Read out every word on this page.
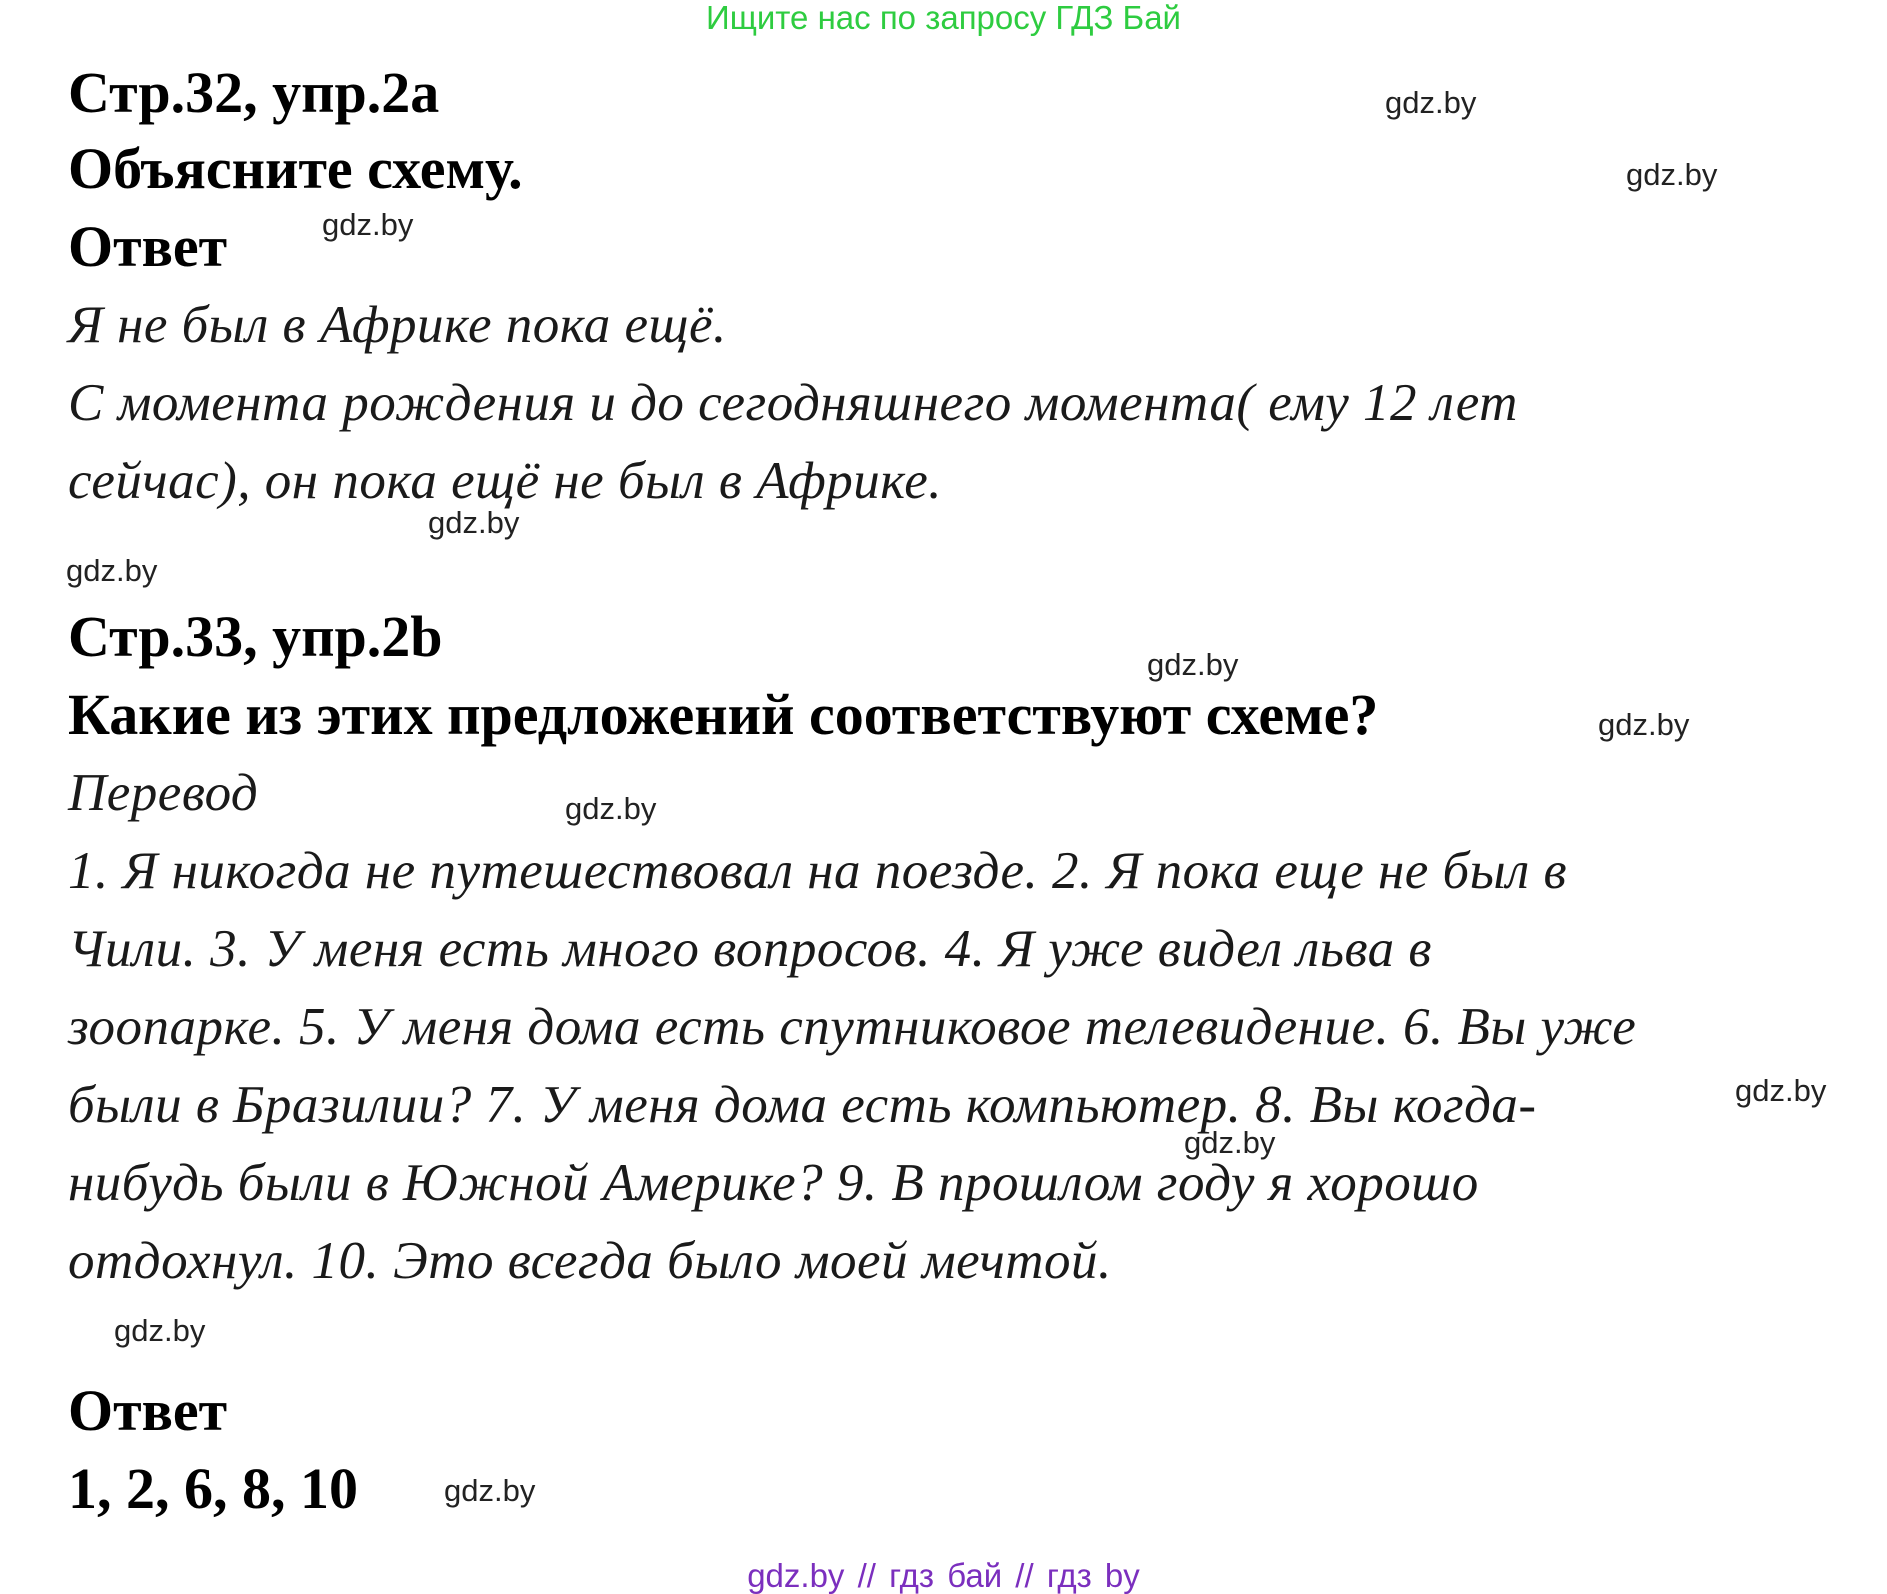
Ищите нас по запросу ГДЗ Бай
Стр.32, упр.2a
Объясните схему.
Ответ
Я не был в Африке пока ещё.
С момента рождения и до сегодняшнего момента( ему 12 лет
сейчас), он пока ещё не был в Африке.
Стр.33, упр.2b
Какие из этих предложений соответствуют схеме?
Перевод
1. Я никогда не путешествовал на поезде. 2. Я пока еще не был в
Чили. 3. У меня есть много вопросов. 4. Я уже видел льва в
зоопарке. 5. У меня дома есть спутниковое телевидение. 6. Вы уже
были в Бразилии? 7. У меня дома есть компьютер. 8. Вы когда-
нибудь были в Южной Америке? 9. В прошлом году я хорошо
отдохнул. 10. Это всегда было моей мечтой.
Ответ
1, 2, 6, 8, 10
gdz.by
gdz.by
gdz.by
gdz.by
gdz.by
gdz.by
gdz.by
gdz.by
gdz.by
gdz.by
gdz.by
gdz.by
gdz.by // гдз бай // гдз by
